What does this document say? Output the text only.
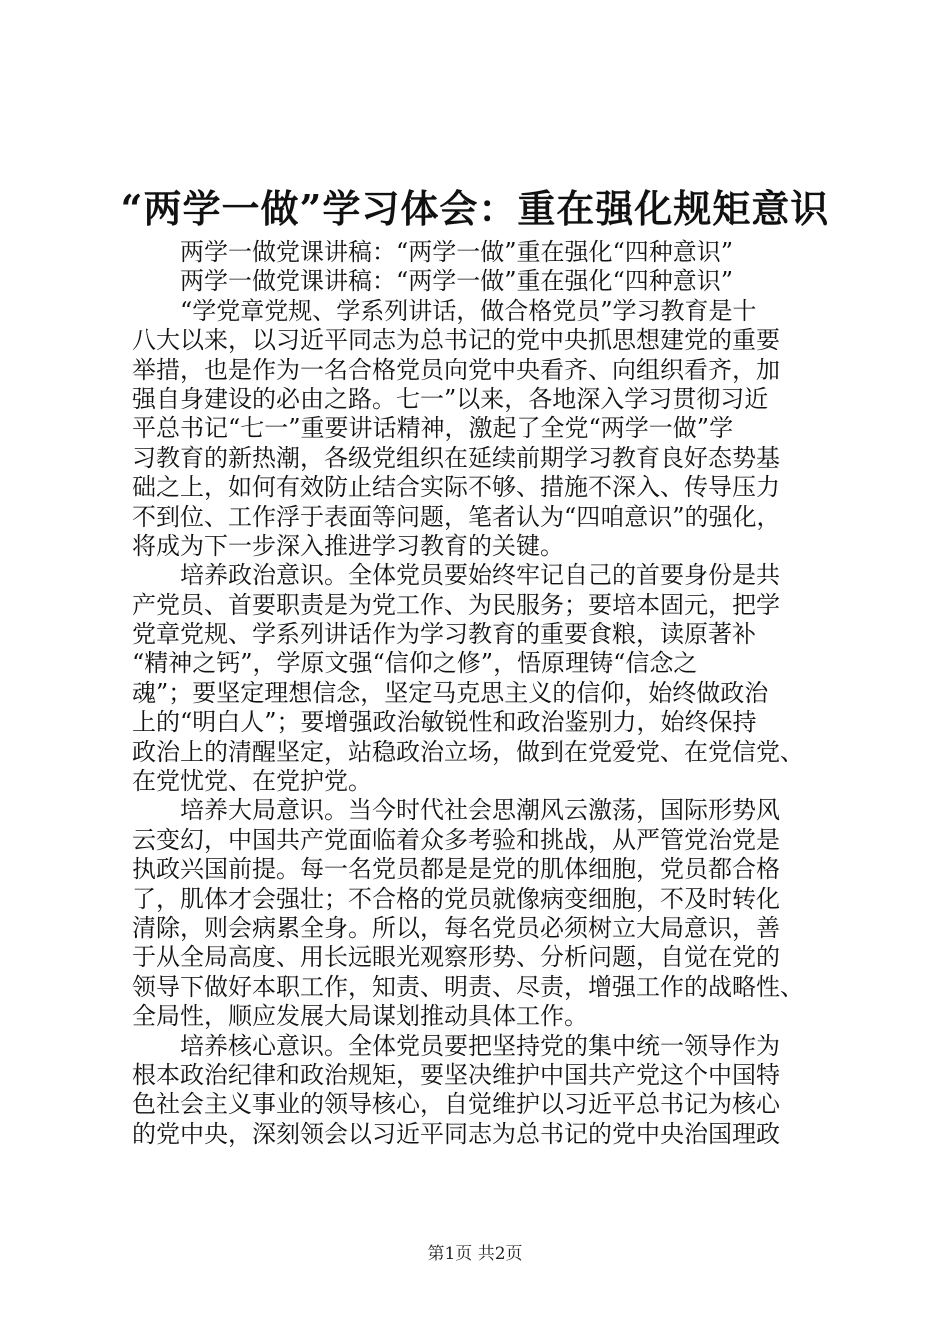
“两学一做”学习体会：重在强化规矩意识
两学一做党课讲稿：“两学一做”重在强化“四种意识”
两学一做党课讲稿：“两学一做”重在强化“四种意识”
“学党章党规、学系列讲话，做合格党员”学习教育是十
八大以来，以习近平同志为总书记的党中央抓思想建党的重要
举措，也是作为一名合格党员向党中央看齐、向组织看齐，加
强自身建设的必由之路。七一”以来，各地深入学习贯彻习近
平总书记“七一”重要讲话精神，激起了全党“两学一做”学
习教育的新热潮，各级党组织在延续前期学习教育良好态势基
础之上，如何有效防止结合实际不够、措施不深入、传导压力
不到位、工作浮于表面等问题，笔者认为“四咱意识”的强化，
将成为下一步深入推进学习教育的关键。
培养政治意识。全体党员要始终牢记自己的首要身份是共
产党员、首要职责是为党工作、为民服务；要培本固元，把学
党章党规、学系列讲话作为学习教育的重要食粮，读原著补
“精神之钙”，学原文强“信仰之修”，悟原理铸“信念之
魂”；要坚定理想信念，坚定马克思主义的信仰，始终做政治
上的“明白人”；要增强政治敏锐性和政治鉴别力，始终保持
政治上的清醒坚定，站稳政治立场，做到在党爱党、在党信党、
在党忧党、在党护党。
培养大局意识。当今时代社会思潮风云激荡，国际形势风
云变幻，中国共产党面临着众多考验和挑战，从严管党治党是
执政兴国前提。每一名党员都是是党的肌体细胞，党员都合格
了，肌体才会强壮；不合格的党员就像病变细胞，不及时转化
清除，则会病累全身。所以，每名党员必须树立大局意识，善
于从全局高度、用长远眼光观察形势、分析问题，自觉在党的
领导下做好本职工作，知责、明责、尽责，增强工作的战略性、
全局性，顺应发展大局谋划推动具体工作。
培养核心意识。全体党员要把坚持党的集中统一领导作为
根本政治纪律和政治规矩，要坚决维护中国共产党这个中国特
色社会主义事业的领导核心，自觉维护以习近平总书记为核心
的党中央，深刻领会以习近平同志为总书记的党中央治国理政
第1页 共2页
